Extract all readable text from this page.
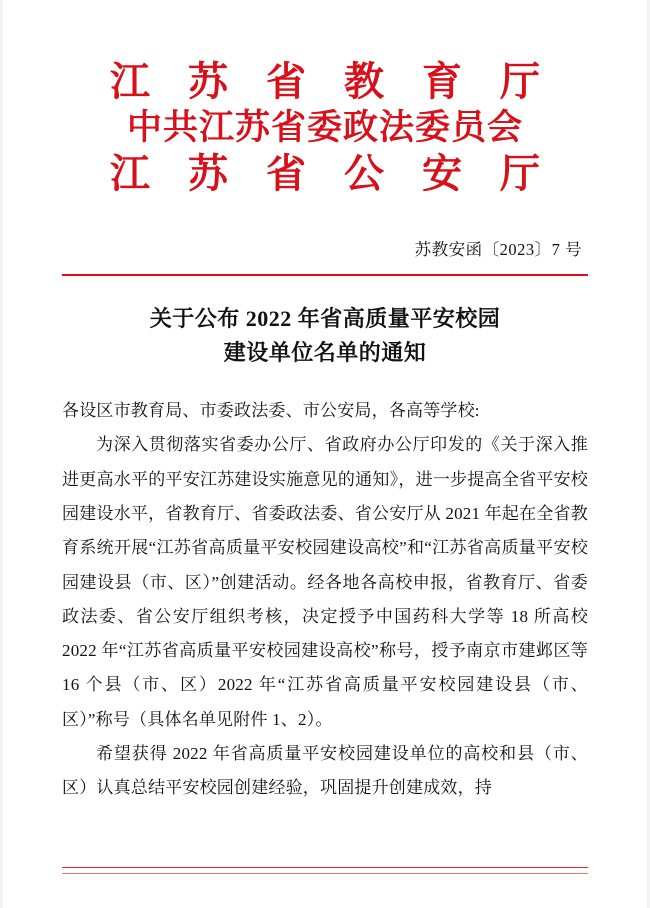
江 苏 省 教 育 厅
中共江苏省委政法委员会
江 苏 省 公 安 厅
苏教安函〔2023〕7 号
关于公布 2022 年省高质量平安校园
建设单位名单的通知

各设区市教育局、市委政法委、市公安局，各高等学校:

为深入贯彻落实省委办公厅、省政府办公厅印发的《关于深入推进更高水平的平安江苏建设实施意见的通知》，进一步提高全省平安校园建设水平，省教育厅、省委政法委、省公安厅从 2021 年起在全省教育系统开展“江苏省高质量平安校园建设高校”和“江苏省高质量平安校园建设县（市、区）”创建活动。经各地各高校申报，省教育厅、省委政法委、省公安厅组织考核，决定授予中国药科大学等 18 所高校 2022 年“江苏省高质量平安校园建设高校”称号，授予南京市建邺区等 16 个县（市、区）2022 年“江苏省高质量平安校园建设县（市、区）”称号（具体名单见附件 1、2）。

希望获得 2022 年省高质量平安校园建设单位的高校和县（市、区）认真总结平安校园创建经验，巩固提升创建成效，持
